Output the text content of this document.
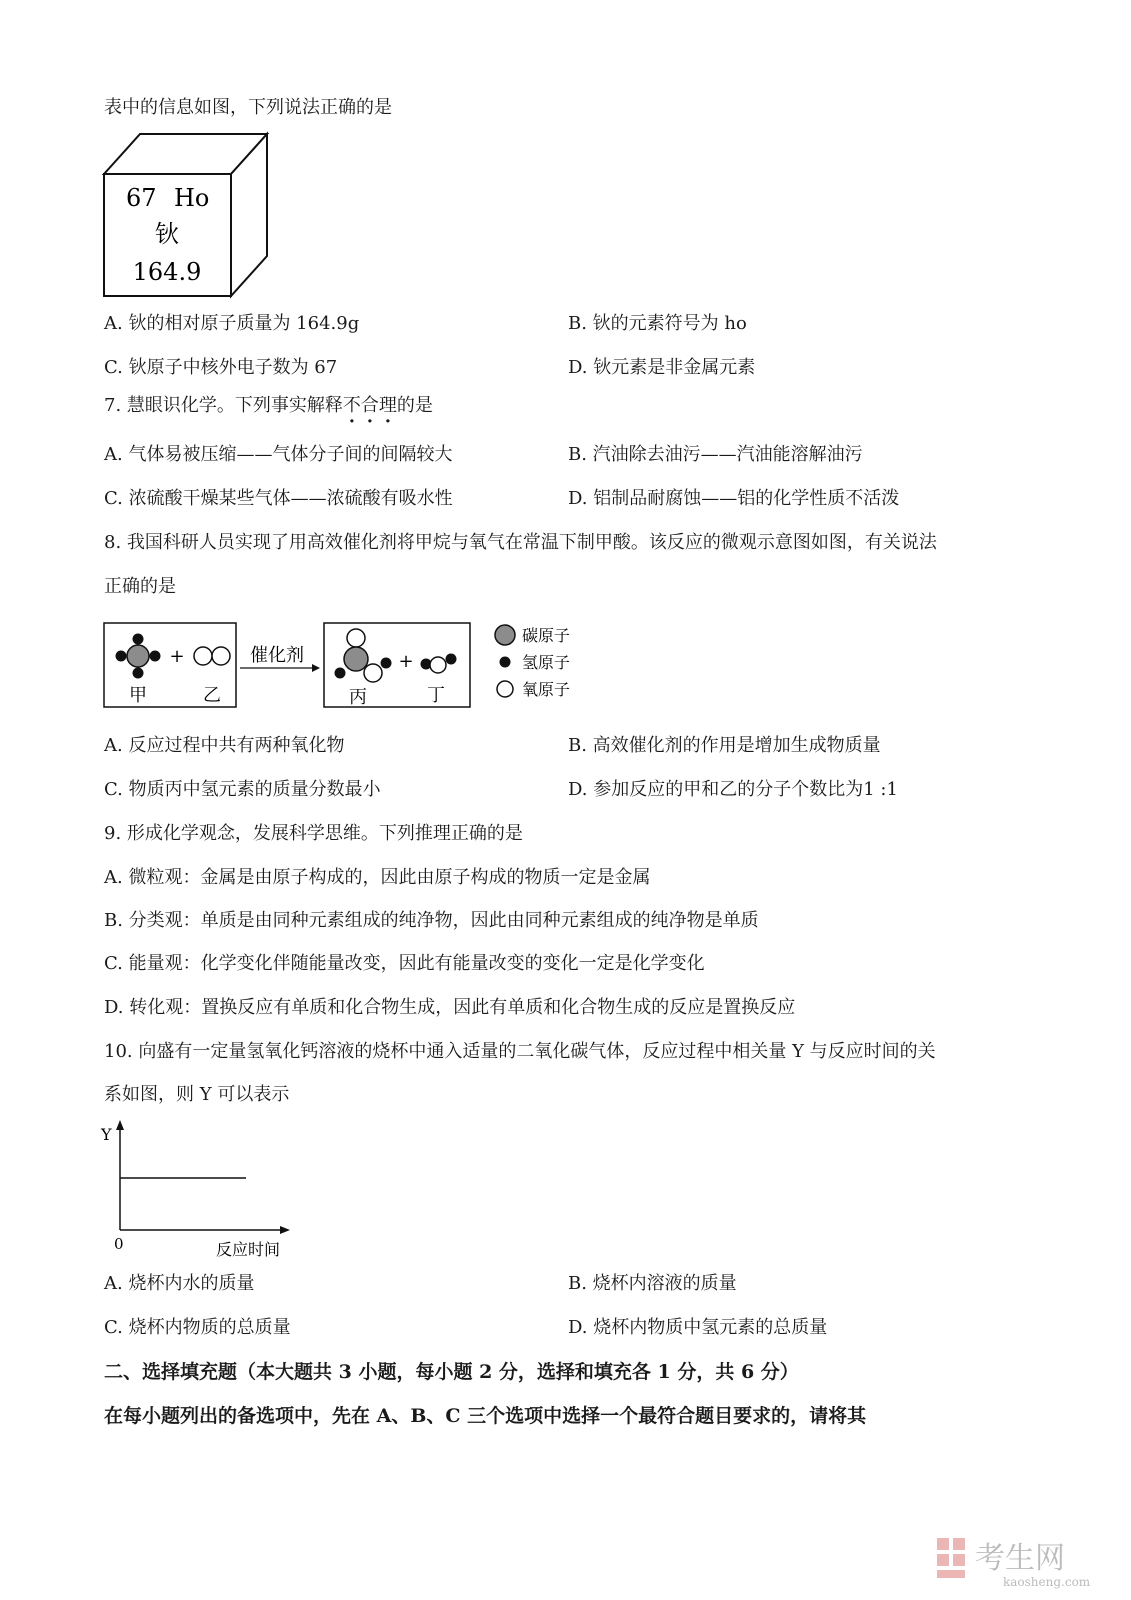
表中的信息如图，下列说法正确的是
67 Ho
钬
164.9
A. 钬的相对原子质量为 164.9g	B. 钬的元素符号为 ho
C. 钬原子中核外电子数为 67	D. 钬元素是非金属元素
7. 慧眼识化学。下列事实解释不合理的是
A. 气体易被压缩——气体分子间的间隔较大	B. 汽油除去油污——汽油能溶解油污
C. 浓硫酸干燥某些气体——浓硫酸有吸水性	D. 铝制品耐腐蚀——铝的化学性质不活泼
8. 我国科研人员实现了用高效催化剂将甲烷与氧气在常温下制甲酸。该反应的微观示意图如图，有关说法
正确的是
+
甲	乙
催化剂	+
丙	丁
碳原子
氢原子
氧原子
A. 反应过程中共有两种氧化物	B. 高效催化剂的作用是增加生成物质量
C. 物质丙中氢元素的质量分数最小	D. 参加反应的甲和乙的分子个数比为1 :1
9. 形成化学观念，发展科学思维。下列推理正确的是
A. 微粒观：金属是由原子构成的，因此由原子构成的物质一定是金属
B. 分类观：单质是由同种元素组成的纯净物，因此由同种元素组成的纯净物是单质
C. 能量观：化学变化伴随能量改变，因此有能量改变的变化一定是化学变化
D. 转化观：置换反应有单质和化合物生成，因此有单质和化合物生成的反应是置换反应
10. 向盛有一定量氢氧化钙溶液的烧杯中通入适量的二氧化碳气体，反应过程中相关量 Y 与反应时间的关
系如图，则 Y 可以表示
Y
0	反应时间
A. 烧杯内水的质量	B. 烧杯内溶液的质量
C. 烧杯内物质的总质量	D. 烧杯内物质中氢元素的总质量
二、选择填充题（本大题共 3 小题，每小题 2 分，选择和填充各 1 分，共 6 分）
在每小题列出的备选项中，先在 A、B、C 三个选项中选择一个最符合题目要求的，请将其
考生网
kaosheng.com
